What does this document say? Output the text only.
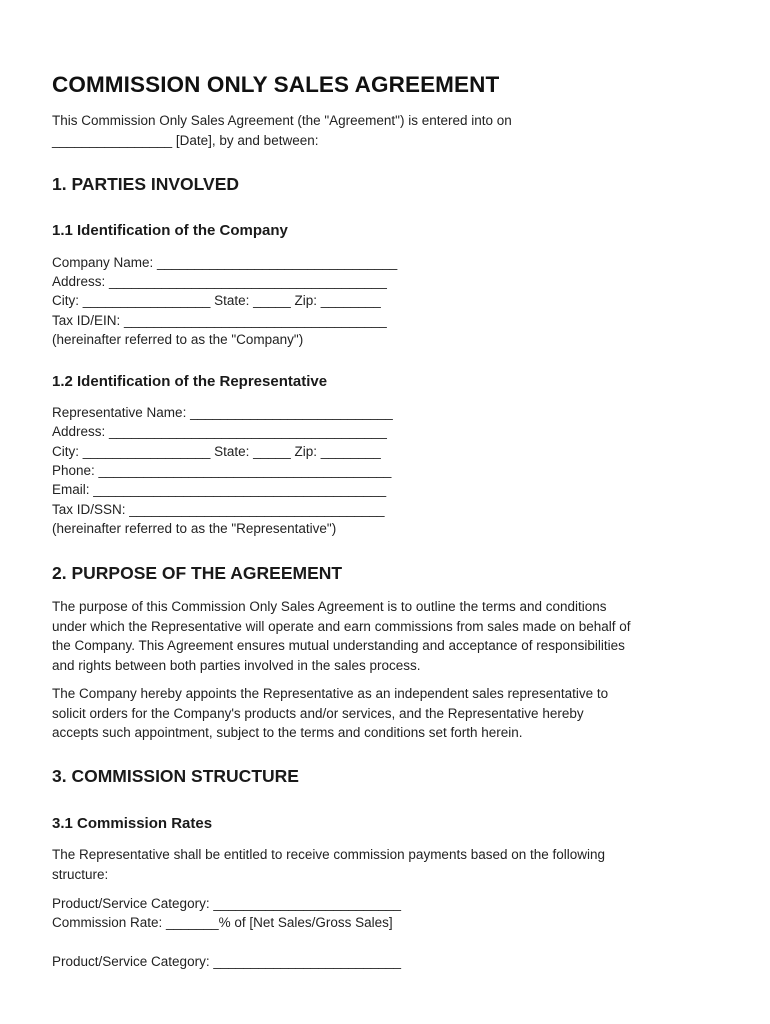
COMMISSION ONLY SALES AGREEMENT
This Commission Only Sales Agreement (the "Agreement") is entered into on
________________ [Date], by and between:
1. PARTIES INVOLVED
1.1 Identification of the Company
Company Name: ________________________________
Address: _____________________________________
City: _________________ State: _____ Zip: ________
Tax ID/EIN: ___________________________________
(hereinafter referred to as the "Company")
1.2 Identification of the Representative
Representative Name: ___________________________
Address: _____________________________________
City: _________________ State: _____ Zip: ________
Phone: _______________________________________
Email: _______________________________________
Tax ID/SSN: __________________________________
(hereinafter referred to as the "Representative")
2. PURPOSE OF THE AGREEMENT
The purpose of this Commission Only Sales Agreement is to outline the terms and conditions
under which the Representative will operate and earn commissions from sales made on behalf of
the Company. This Agreement ensures mutual understanding and acceptance of responsibilities
and rights between both parties involved in the sales process.
The Company hereby appoints the Representative as an independent sales representative to
solicit orders for the Company's products and/or services, and the Representative hereby
accepts such appointment, subject to the terms and conditions set forth herein.
3. COMMISSION STRUCTURE
3.1 Commission Rates
The Representative shall be entitled to receive commission payments based on the following
structure:
Product/Service Category: _________________________
Commission Rate: _______% of [Net Sales/Gross Sales]
Product/Service Category: _________________________
